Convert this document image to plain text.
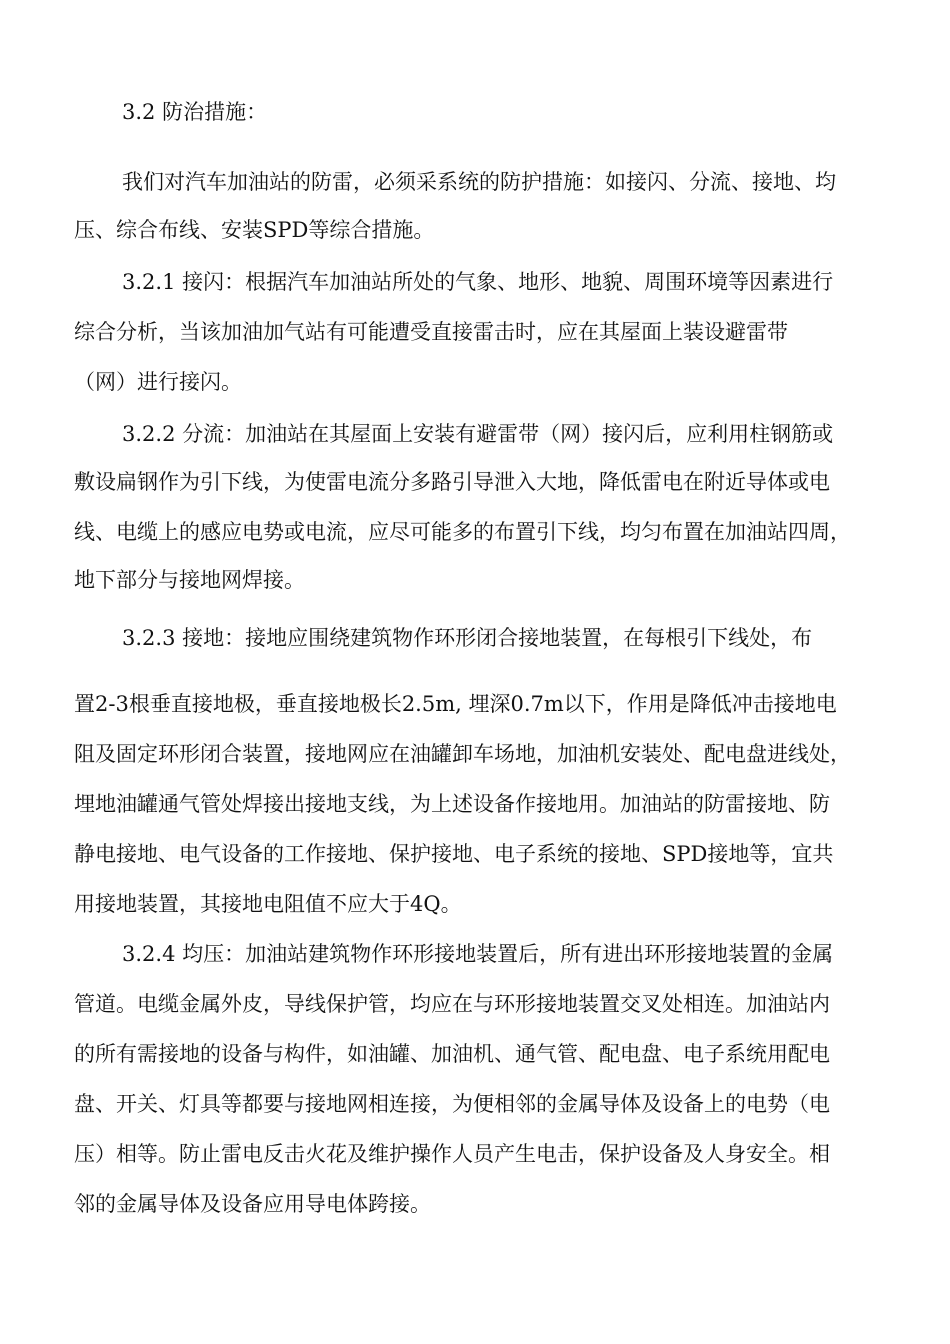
3.2 防治措施：
我们对汽车加油站的防雷，必须采系统的防护措施：如接闪、分流、接地、均
压、综合布线、安装SPD等综合措施。
3.2.1 接闪：根据汽车加油站所处的气象、地形、地貌、周围环境等因素进行
综合分析，当该加油加气站有可能遭受直接雷击时，应在其屋面上装设避雷带
（网）进行接闪。
3.2.2 分流：加油站在其屋面上安装有避雷带（网）接闪后，应利用柱钢筋或
敷设扁钢作为引下线，为使雷电流分多路引导泄入大地，降低雷电在附近导体或电
线、电缆上的感应电势或电流，应尽可能多的布置引下线，均匀布置在加油站四周，
地下部分与接地网焊接。
3.2.3 接地：接地应围绕建筑物作环形闭合接地装置，在每根引下线处，布
置2-3根垂直接地极，垂直接地极长2.5m, 埋深0.7m以下，作用是降低冲击接地电
阻及固定环形闭合装置，接地网应在油罐卸车场地，加油机安装处、配电盘进线处，
埋地油罐通气管处焊接出接地支线，为上述设备作接地用。加油站的防雷接地、防
静电接地、电气设备的工作接地、保护接地、电子系统的接地、SPD接地等，宜共
用接地装置，其接地电阻值不应大于4Q。
3.2.4 均压：加油站建筑物作环形接地装置后，所有进出环形接地装置的金属
管道。电缆金属外皮，导线保护管，均应在与环形接地装置交叉处相连。加油站内
的所有需接地的设备与构件，如油罐、加油机、通气管、配电盘、电子系统用配电
盘、开关、灯具等都要与接地网相连接，为便相邻的金属导体及设备上的电势（电
压）相等。防止雷电反击火花及维护操作人员产生电击，保护设备及人身安全。相
邻的金属导体及设备应用导电体跨接。
